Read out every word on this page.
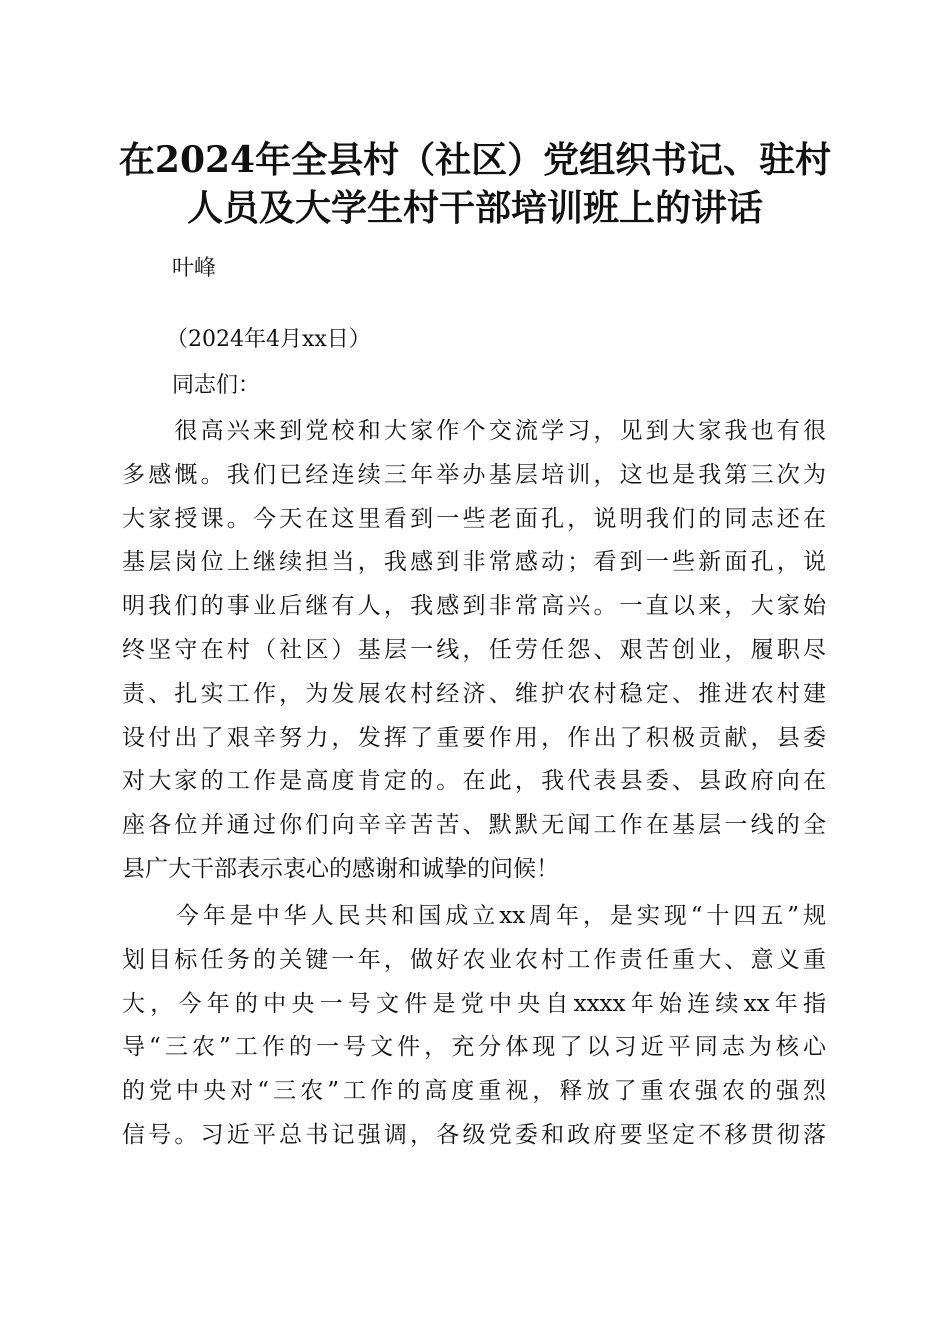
在2024年全县村（社区）党组织书记、驻村
人员及大学生村干部培训班上的讲话
叶峰
（2024年4月xx日）
同志们：
　　很高兴来到党校和大家作个交流学习，见到大家我也有很
多感慨。我们已经连续三年举办基层培训，这也是我第三次为
大家授课。今天在这里看到一些老面孔，说明我们的同志还在
基层岗位上继续担当，我感到非常感动；看到一些新面孔，说
明我们的事业后继有人，我感到非常高兴。一直以来，大家始
终坚守在村（社区）基层一线，任劳任怨、艰苦创业，履职尽
责、扎实工作，为发展农村经济、维护农村稳定、推进农村建
设付出了艰辛努力，发挥了重要作用，作出了积极贡献，县委
对大家的工作是高度肯定的。在此，我代表县委、县政府向在
座各位并通过你们向辛辛苦苦、默默无闻工作在基层一线的全
县广大干部表示衷心的感谢和诚挚的问候！
　　今年是中华人民共和国成立xx周年，是实现“十四五”规
划目标任务的关键一年，做好农业农村工作责任重大、意义重
大，今年的中央一号文件是党中央自xxxx年始连续xx年指
导“三农”工作的一号文件，充分体现了以习近平同志为核心
的党中央对“三农”工作的高度重视，释放了重农强农的强烈
信号。习近平总书记强调，各级党委和政府要坚定不移贯彻落
